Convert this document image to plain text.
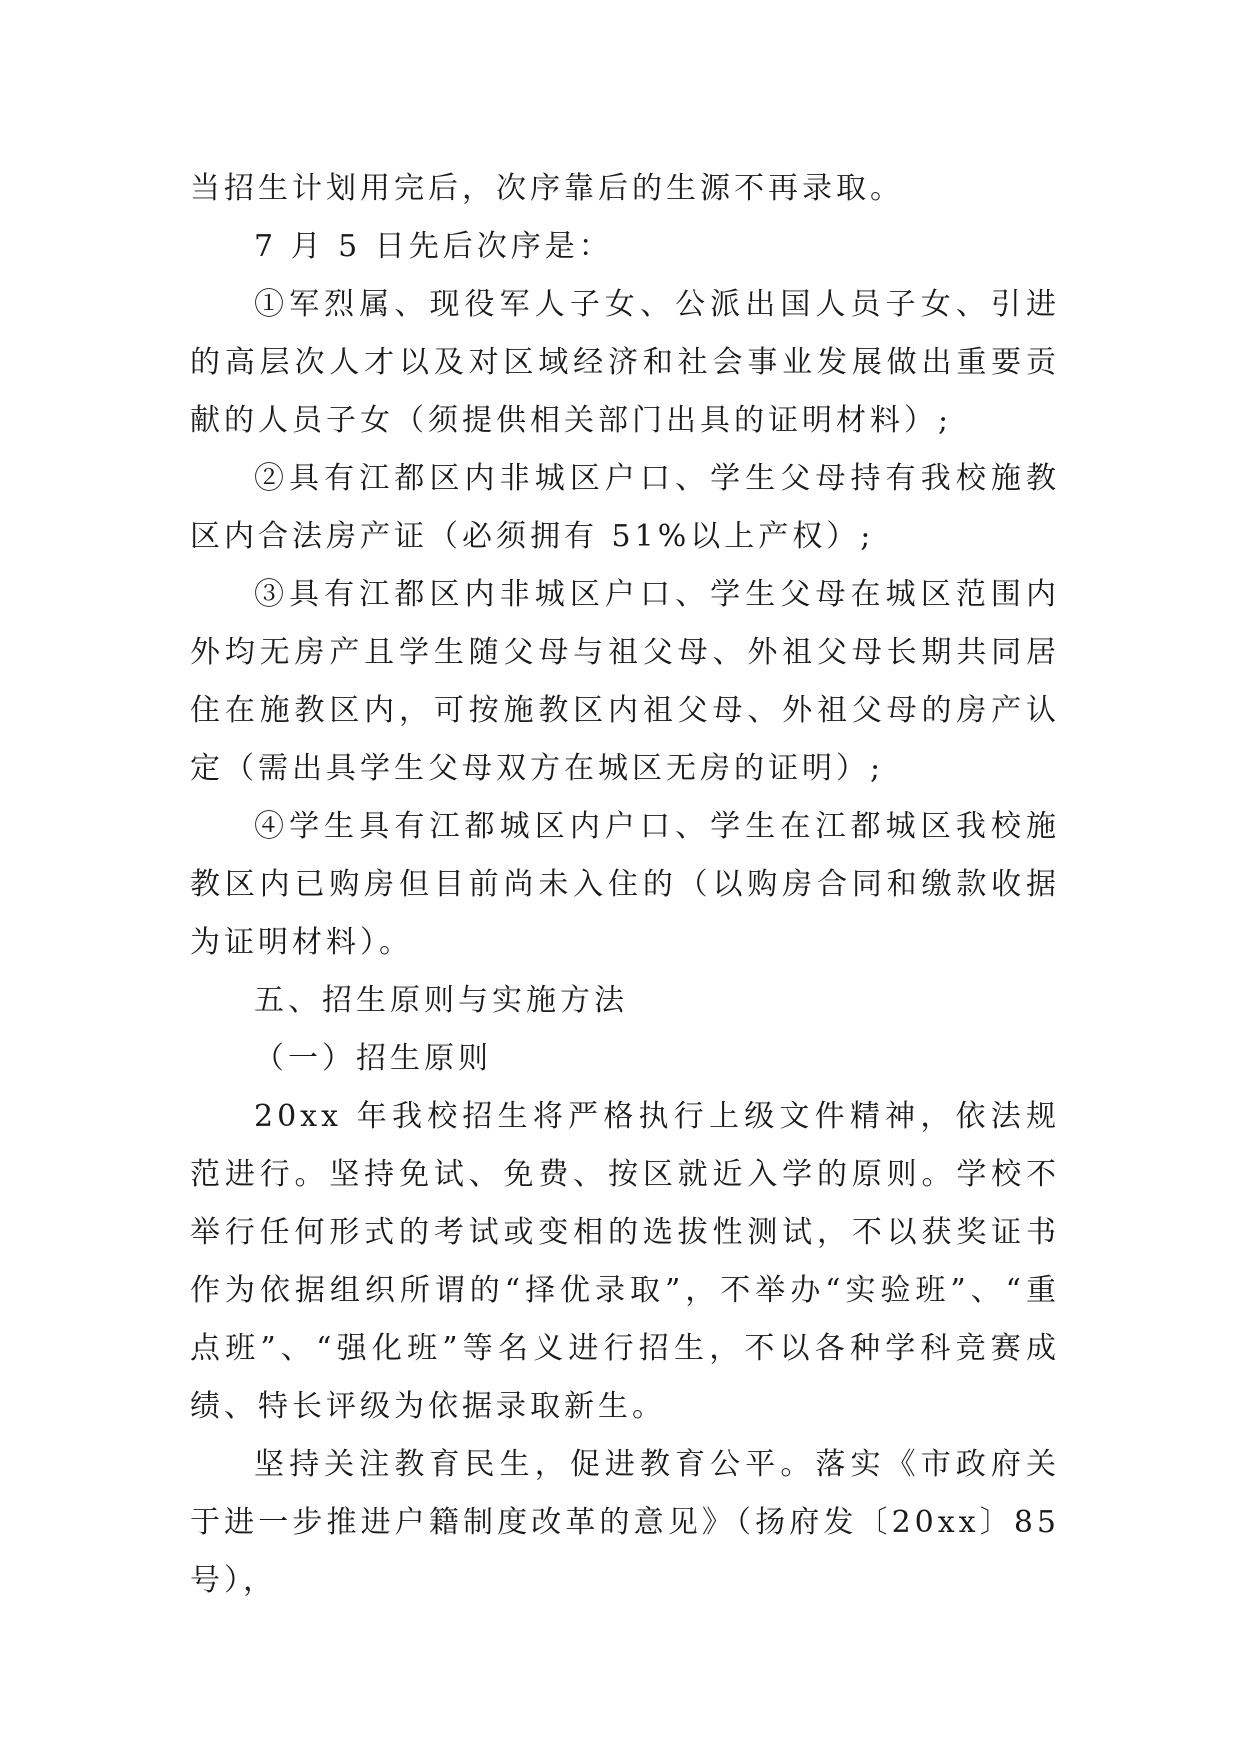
当招生计划用完后，次序靠后的生源不再录取。

7 月 5 日先后次序是：

①军烈属、现役军人子女、公派出国人员子女、引进的高层次人才以及对区域经济和社会事业发展做出重要贡献的人员子女（须提供相关部门出具的证明材料）;

②具有江都区内非城区户口、学生父母持有我校施教区内合法房产证（必须拥有 51%以上产权）;

③具有江都区内非城区户口、学生父母在城区范围内外均无房产且学生随父母与祖父母、外祖父母长期共同居住在施教区内，可按施教区内祖父母、外祖父母的房产认定（需出具学生父母双方在城区无房的证明）;

④学生具有江都城区内户口、学生在江都城区我校施教区内已购房但目前尚未入住的（以购房合同和缴款收据为证明材料）。

五、招生原则与实施方法

（一）招生原则

20xx 年我校招生将严格执行上级文件精神，依法规范进行。坚持免试、免费、按区就近入学的原则。学校不举行任何形式的考试或变相的选拔性测试，不以获奖证书作为依据组织所谓的“择优录取”，不举办“实验班”、“重点班”、“强化班”等名义进行招生，不以各种学科竞赛成绩、特长评级为依据录取新生。

坚持关注教育民生，促进教育公平。落实《市政府关于进一步推进户籍制度改革的意见》（扬府发〔20xx〕85 号），
